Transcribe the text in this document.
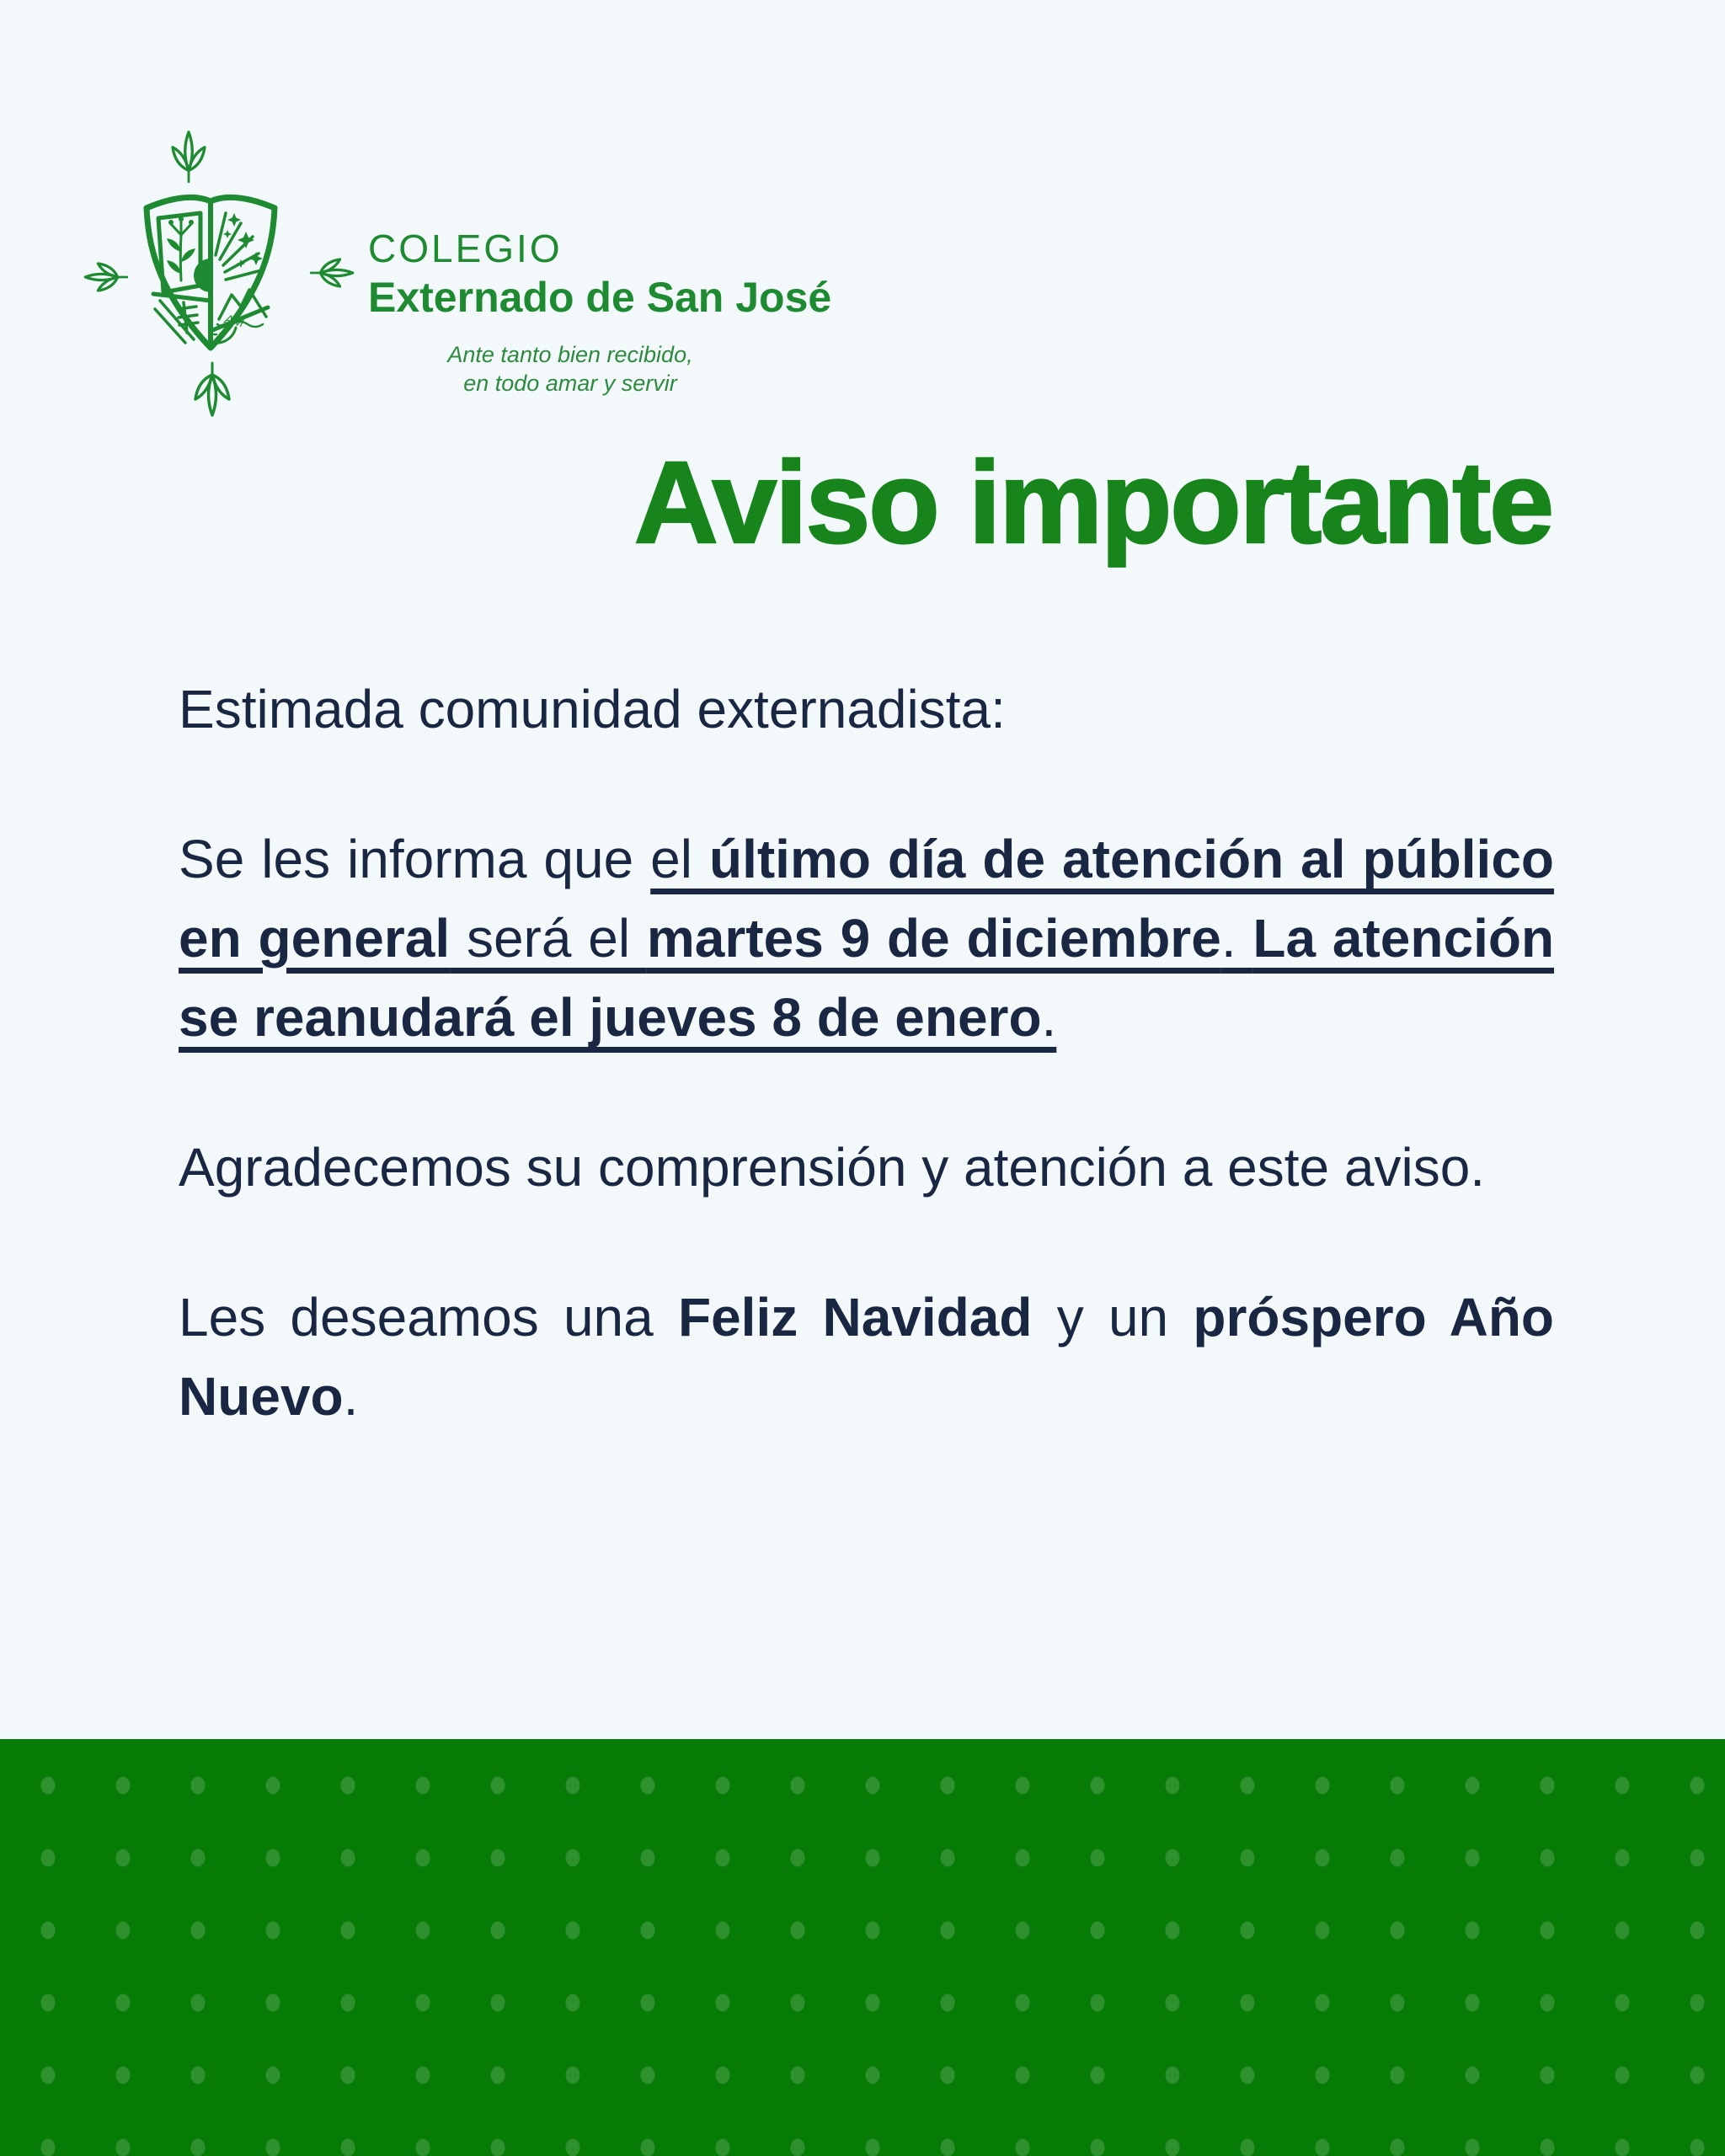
AM
COLEGIO
Externado de San José
Ante tanto bien recibido,
en todo amar y servir
Aviso importante

Estimada comunidad externadista:

Se les informa que el último día de atención al público en general será el martes 9 de diciembre. La atención se reanudará el jueves 8 de enero.

Agradecemos su comprensión y atención a este aviso.

Les deseamos una Feliz Navidad y un próspero Año Nuevo.
